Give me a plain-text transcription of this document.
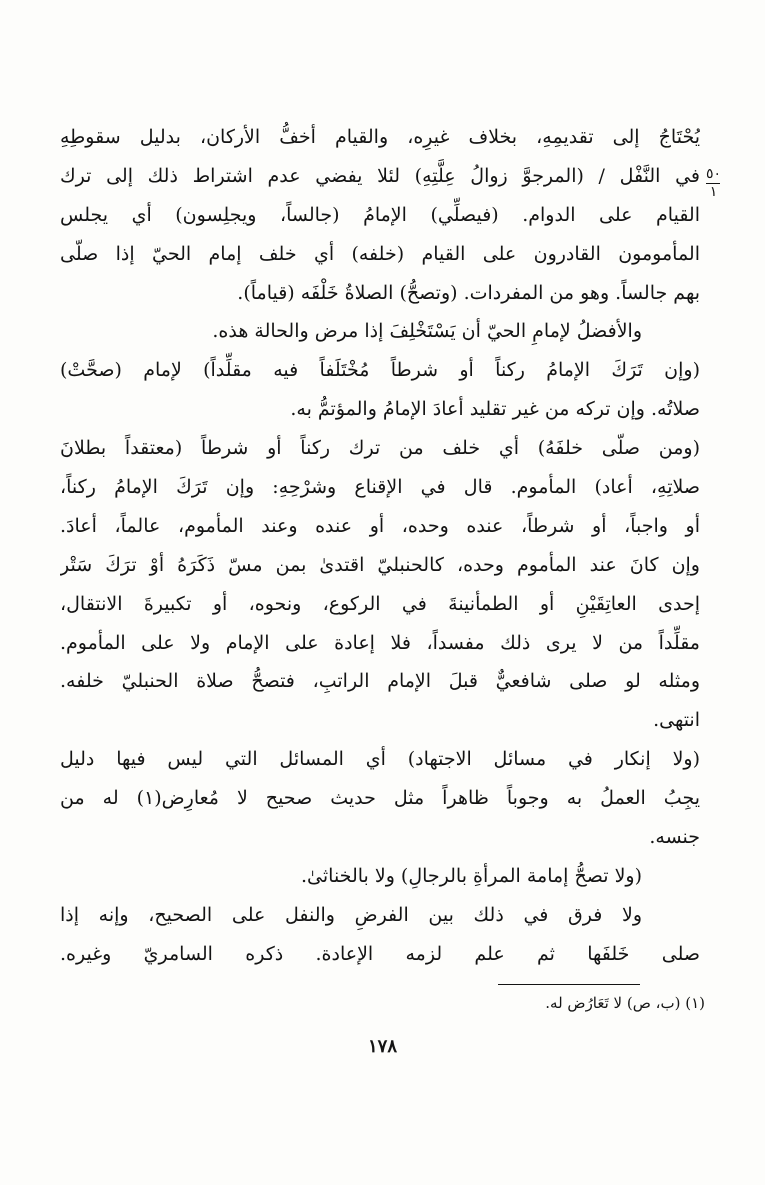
٥٠
١
يُحْتَاجُ إلى تقديمِهِ، بخلاف غيرِه، والقيام أخفُّ الأركان، بدليل سقوطِهِ
في النَّفْل / (المرجوَّ زوالُ عِلَّتِهِ) لئلا يفضي عدم اشتراط ذلك إلى ترك
القيام على الدوام. (فيصلِّي) الإمامُ (جالساً، ويجلِسون) أي يجلس
المأمومون القادرون على القيام (خلفه) أي خلف إمام الحيّ إذا صلّى
بهم جالساً. وهو من المفردات. (وتصحُّ) الصلاةُ خَلْفَه (قياماً).
والأفضلُ لإمامِ الحيّ أن يَسْتَخْلِفَ إذا مرض والحالة هذه.
(وإن تَرَكَ الإمامُ ركناً أو شرطاً مُخْتَلَفاً فيه مقلِّداً) لإمام (صحَّتْ)
صلاتُه. وإن تركه من غير تقليد أعادَ الإمامُ والمؤتمُّ به.
(ومن صلّى خلفَهُ) أي خلف من ترك ركناً أو شرطاً (معتقداً بطلانَ
صلاتِهِ، أعاد) المأموم. قال في الإقناع وشرْحِهِ: وإن تَرَكَ الإمامُ ركناً،
أو واجباً، أو شرطاً، عنده وحده، أو عنده وعند المأموم، عالماً، أعادَ.
وإن كانَ عند المأموم وحده، كالحنبليّ اقتدىٰ بمن مسّ ذَكَرَهُ أوْ ترَكَ سَتْر
إحدى العاتِقَيْنِ أو الطمأنينةَ في الركوع، ونحوه، أو تكبيرةَ الانتقال،
مقلِّداً من لا يرى ذلك مفسداً، فلا إعادة على الإمام ولا على المأموم.
ومثله لو صلى شافعيٌّ قبلَ الإمام الراتبِ، فتصحُّ صلاة الحنبليّ خلفه.
انتهى.
(ولا إنكار في مسائل الاجتهاد) أي المسائل التي ليس فيها دليل
يجِبُ العملُ به وجوباً ظاهراً مثل حديث صحيح لا مُعارِض(١) له من
جنسه.
(ولا تصحُّ إمامة المرأةِ بالرجالِ) ولا بالخناثىٰ.
ولا فرق في ذلك بين الفرضِ والنفل على الصحيح، وإنه إذا
صلى خَلفَها ثم علم لزمه الإعادة. ذكره السامريّ وغيره.
(١) (ب، ص) لا تَعَارُض له.
١٧٨
